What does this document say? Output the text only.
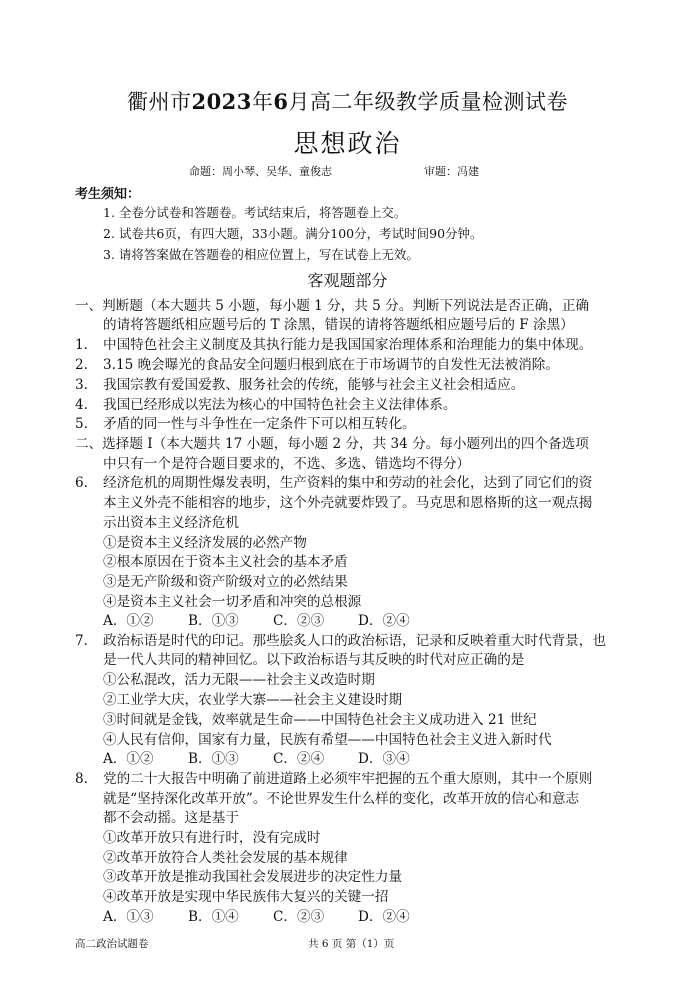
衢州市2023年6月高二年级教学质量检测试卷
思想政治
命题：周小琴、吴华、童俊志	审题：冯建
考生须知：
1. 全卷分试卷和答题卷。考试结束后，将答题卷上交。
2. 试卷共6页，有四大题，33小题。满分100分，考试时间90分钟。
3. 请将答案做在答题卷的相应位置上，写在试卷上无效。
客观题部分
一、判断题（本大题共 5 小题，每小题 1 分，共 5 分。判断下列说法是否正确，正确
的请将答题纸相应题号后的 T 涂黑，错误的请将答题纸相应题号后的 F 涂黑）
1. 中国特色社会主义制度及其执行能力是我国国家治理体系和治理能力的集中体现。
2. 3.15 晚会曝光的食品安全问题归根到底在于市场调节的自发性无法被消除。
3. 我国宗教有爱国爱教、服务社会的传统，能够与社会主义社会相适应。
4. 我国已经形成以宪法为核心的中国特色社会主义法律体系。
5. 矛盾的同一性与斗争性在一定条件下可以相互转化。
二、选择题 I（本大题共 17 小题，每小题 2 分，共 34 分。每小题列出的四个备选项
中只有一个是符合题目要求的，不选、多选、错选均不得分）
6. 经济危机的周期性爆发表明，生产资料的集中和劳动的社会化，达到了同它们的资
本主义外壳不能相容的地步，这个外壳就要炸毁了。马克思和恩格斯的这一观点揭
示出资本主义经济危机
①是资本主义经济发展的必然产物
②根本原因在于资本主义社会的基本矛盾
③是无产阶级和资产阶级对立的必然结果
④是资本主义社会一切矛盾和冲突的总根源
A．①②	B．①③	C．②③ D．②④
7. 政治标语是时代的印记。那些脍炙人口的政治标语，记录和反映着重大时代背景，也
是一代人共同的精神回忆。以下政治标语与其反映的时代对应正确的是
①公私混改，活力无限——社会主义改造时期
②工业学大庆，农业学大寨——社会主义建设时期
③时间就是金钱，效率就是生命——中国特色社会主义成功进入 21 世纪
④人民有信仰，国家有力量，民族有希望——中国特色社会主义进入新时代
A．①②	B．①③	C．②④ D．③④
8. 党的二十大报告中明确了前进道路上必须牢牢把握的五个重大原则，其中一个原则
就是“坚持深化改革开放”。不论世界发生什么样的变化，改革开放的信心和意志
都不会动摇。这是基于
①改革开放只有进行时，没有完成时
②改革开放符合人类社会发展的基本规律
③改革开放是推动我国社会发展进步的决定性力量
④改革开放是实现中华民族伟大复兴的关键一招
A．①③	B．①④	C．②③ D．②④
高二政治试题卷	共 6 页 第（1）页
